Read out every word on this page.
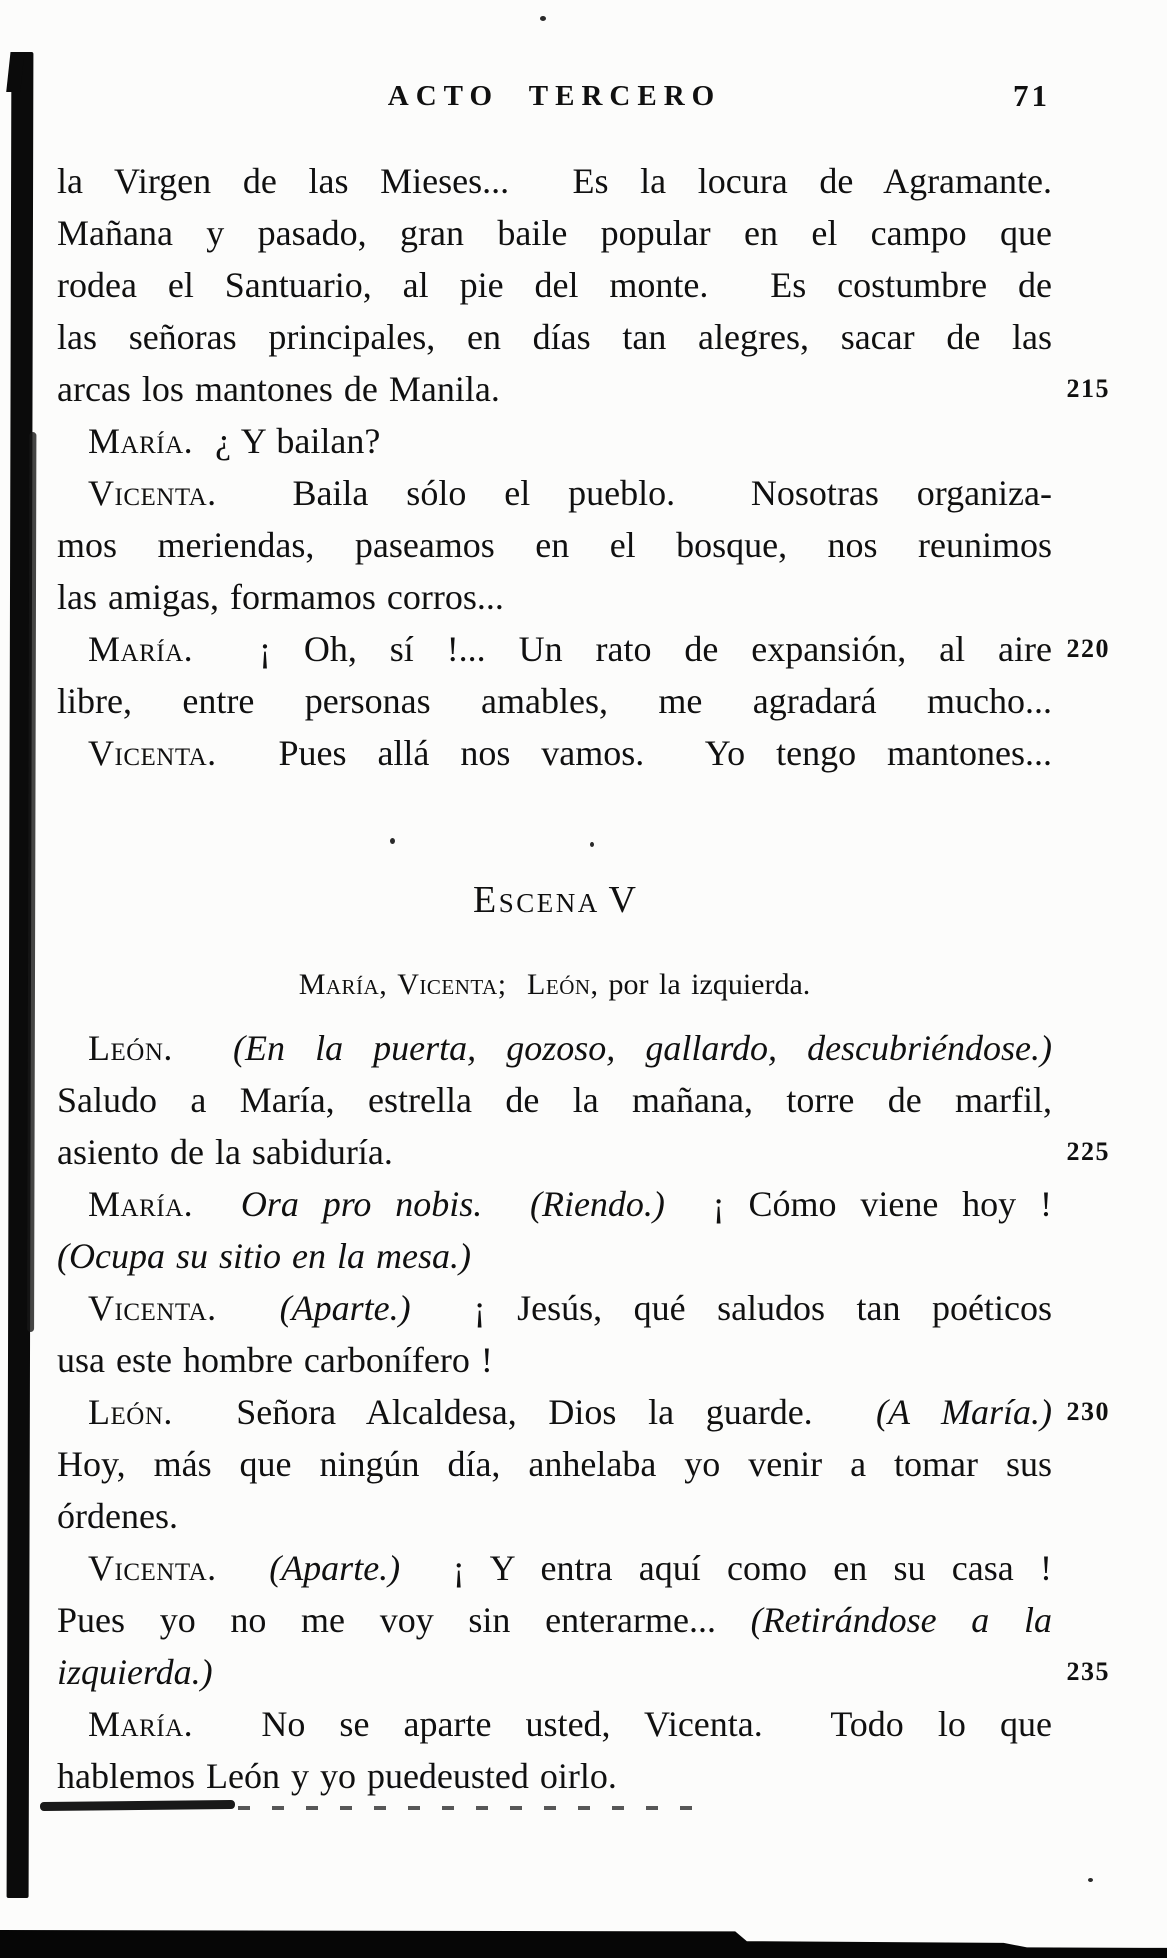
ACTO TERCERO	71
la Virgen de las Mieses...  Es la locura de Agramante.
Mañana y pasado, gran baile popular en el campo que
rodea el Santuario, al pie del monte.  Es costumbre de
las señoras principales, en días tan alegres, sacar de las
arcas los mantones de Manila.	215
María.  ¿ Y bailan?
Vicenta.  Baila sólo el pueblo.  Nosotras organiza-
mos meriendas, paseamos en el bosque, nos reunimos
las amigas, formamos corros...
María.  ¡ Oh, sí !... Un rato de expansión, al aire 220
libre, entre personas amables, me agradará mucho...
Vicenta.  Pues allá nos vamos.  Yo tengo mantones...
Escena V
María, Vicenta;  León, por la izquierda.
León. (En la puerta, gozoso, gallardo, descubriéndose.)
Saludo a María, estrella de la mañana, torre de marfil,
asiento de la sabiduría.	225
María. Ora pro nobis. (Riendo.)  ¡ Cómo viene hoy !
(Ocupa su sitio en la mesa.)
Vicenta. (Aparte.)  ¡ Jesús, qué saludos tan poéticos
usa este hombre carbonífero !
León.  Señora Alcaldesa, Dios la guarde.  (A María.) 230
Hoy, más que ningún día, anhelaba yo venir a tomar sus
órdenes.
Vicenta. (Aparte.)  ¡ Y entra aquí como en su casa !
Pues yo no me voy sin enterarme... (Retirándose a la
izquierda.)	235
María.  No se aparte usted, Vicenta.  Todo lo que
hablemos León y yo puedeusted oirlo.
